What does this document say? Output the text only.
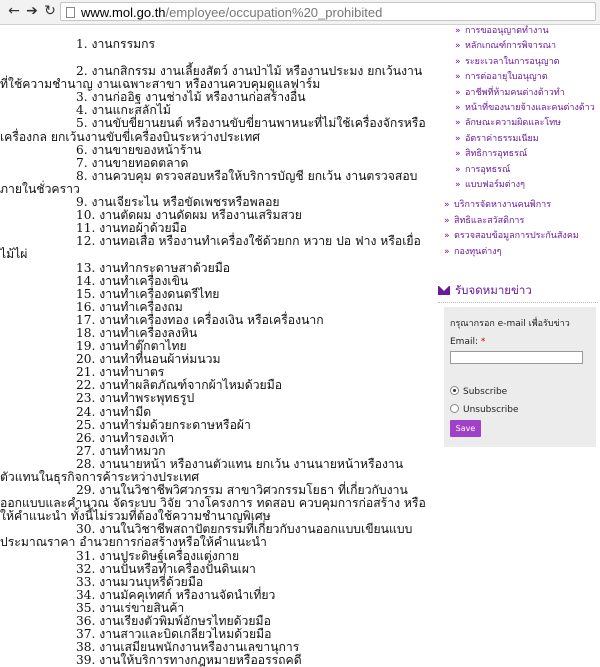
← ➔ ↻	www.mol.go.th/employee/occupation%20_prohibited
1. งานกรรมกร
2. งานกสิกรรม งานเลี้ยงสัตว์ งานป่าไม้ หรืองานประมง ยกเว้นงานที่ใช้ความชำนาญ งานเฉพาะสาขา หรืองานควบคุมดูแลฟาร์ม
3. งานก่ออิฐ งานช่างไม้ หรืองานก่อสร้างอื่น
4. งานแกะสลักไม้
5. งานขับขี่ยานยนต์ หรืองานขับขี่ยานพาหนะที่ไม่ใช้เครื่องจักรหรือเครื่องกล ยกเว้นงานขับขี่เครื่องบินระหว่างประเทศ
6. งานขายของหน้าร้าน
7. งานขายทอดตลาด
8. งานควบคุม ตรวจสอบหรือให้บริการบัญชี ยกเว้น งานตรวจสอบภายในชั่วคราว
9. งานเจียระไน หรือขัดเพชรหรือพลอย
10. งานตัดผม งานดัดผม หรืองานเสริมสวย
11. งานทอผ้าด้วยมือ
12. งานทอเสื่อ หรืองานทำเครื่องใช้ด้วยกก หวาย ปอ ฟาง หรือเยื่อไม้ไผ่
13. งานทำกระดาษสาด้วยมือ
14. งานทำเครื่องเขิน
15. งานทำเครื่องดนตรีไทย
16. งานทำเครื่องถม
17. งานทำเครื่องทอง เครื่องเงิน หรือเครื่องนาก
18. งานทำเครื่องลงหิน
19. งานทำตุ๊กตาไทย
20. งานทำที่นอนผ้าห่มนวม
21. งานทำบาตร
22. งานทำผลิตภัณฑ์จากผ้าไหมด้วยมือ
23. งานทำพระพุทธรูป
24. งานทำมีด
25. งานทำร่มด้วยกระดาษหรือผ้า
26. งานทำรองเท้า
27. งานทำหมวก
28. งานนายหน้า หรืองานตัวแทน ยกเว้น งานนายหน้าหรืองานตัวแทนในธุรกิจการค้าระหว่างประเทศ
29. งานในวิชาชีพวิศวกรรม สาขาวิศวกรรมโยธา ที่เกี่ยวกับงานออกแบบและคำนวณ จัดระบบ วิจัย วางโครงการ ทดสอบ ควบคุมการก่อสร้าง หรือให้คำแนะนำ ทั้งนี้ไม่รวมที่ต้องใช้ความชำนาญพิเศษ
30. งานในวิชาชีพสถาปัตยกรรมที่เกี่ยวกับงานออกแบบเขียนแบบ ประมาณราคา อำนวยการก่อสร้างหรือให้คำแนะนำ
31. งานประดิษฐ์เครื่องแต่งกาย
32. งานปั้นหรือทำเครื่องปั้นดินเผา
33. งานมวนบุหรี่ด้วยมือ
34. งานมัคคุเทศก์ หรืองานจัดนำเที่ยว
35. งานเร่ขายสินค้า
36. งานเรียงตัวพิมพ์อักษรไทยด้วยมือ
37. งานสาวและบิดเกลียวไหมด้วยมือ
38. งานเสมียนพนักงานหรืองานเลขานุการ
39. งานให้บริการทางกฎหมายหรืออรรถคดี
» การขออนุญาตทำงาน
» หลักเกณฑ์การพิจารณา
» ระยะเวลาในการอนุญาต
» การต่ออายุใบอนุญาต
» อาชีพที่ห้ามคนต่างด้าวทำ
» หน้าที่ของนายจ้างและคนต่างด้าว
» ลักษณะความผิดและโทษ
» อัตราค่าธรรมเนียม
» สิทธิการอุทธรณ์
» การอุทธรณ์
» แบบฟอร์มต่างๆ
» บริการจัดหางานคนพิการ
» สิทธิและสวัสดิการ
» ตรวจสอบข้อมูลการประกันสังคม
» กองทุนต่างๆ
รับจดหมายข่าว
กรุณากรอก e-mail เพื่อรับข่าว
Email: *
Subscribe
Unsubscribe
Save
